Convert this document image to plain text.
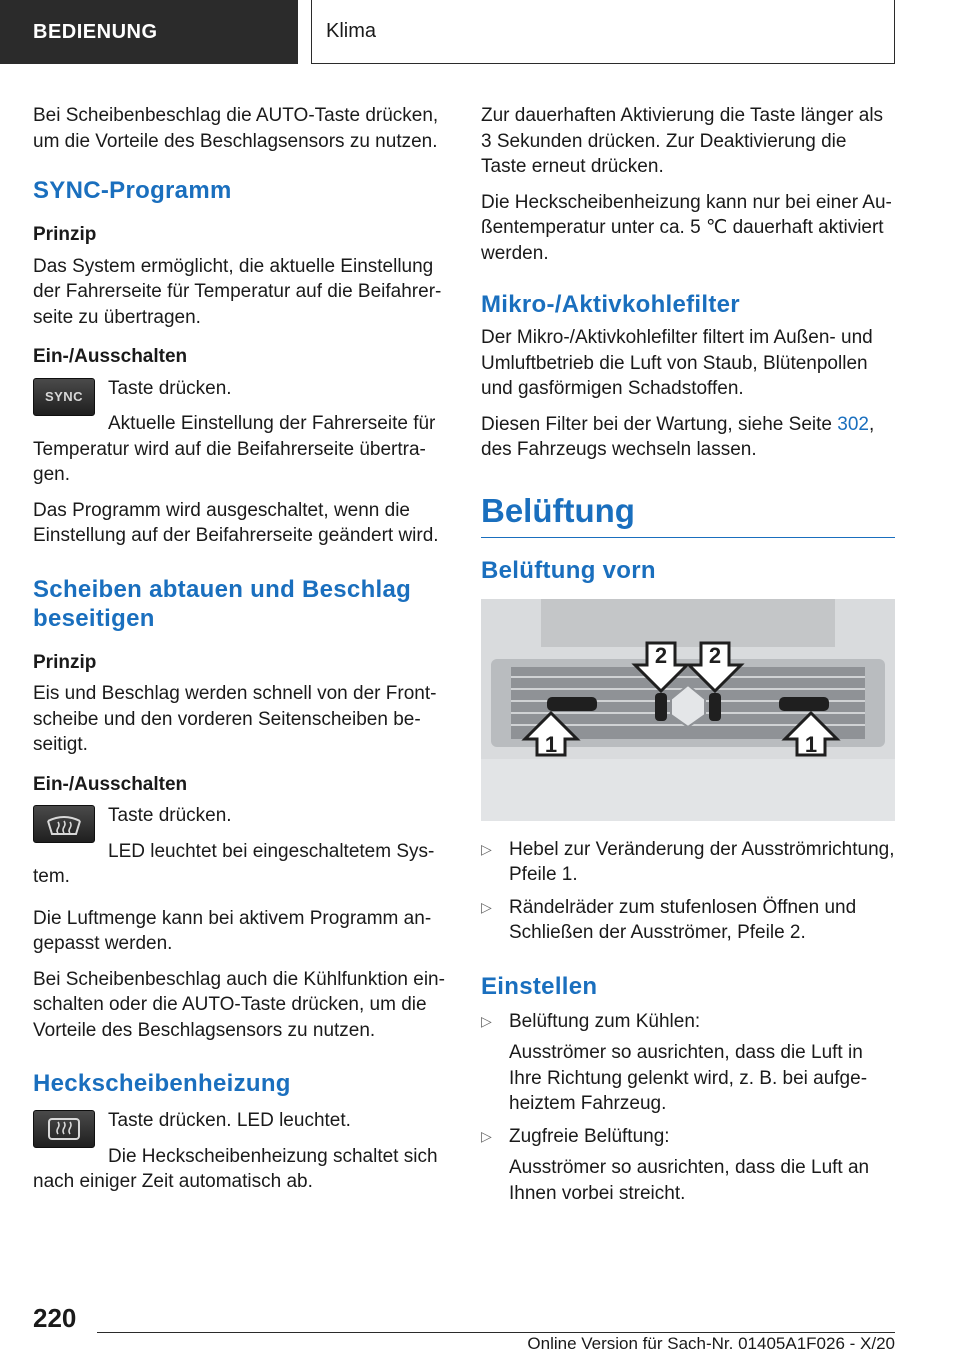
BEDIENUNG	Klima

Bei Scheibenbeschlag die AUTO-Taste drücken, um die Vorteile des Beschlagsensors zu nutzen.

SYNC-Programm
Prinzip

Das System ermöglicht, die aktuelle Einstellung der Fahrerseite für Temperatur auf die Beifahrerseite zu übertragen.

Ein-/Ausschalten
SYNC	Taste drücken.

Aktuelle Einstellung der Fahrerseite für Temperatur wird auf die Beifahrerseite übertragen.

Das Programm wird ausgeschaltet, wenn die Einstellung auf der Beifahrerseite geändert wird.

Scheiben abtauen und Beschlag beseitigen
Prinzip

Eis und Beschlag werden schnell von der Frontscheibe und den vorderen Seitenscheiben beseitigt.

Ein-/Ausschalten

Taste drücken.

LED leuchtet bei eingeschaltetem System.

Die Luftmenge kann bei aktivem Programm angepasst werden.

Bei Scheibenbeschlag auch die Kühlfunktion einschalten oder die AUTO-Taste drücken, um die Vorteile des Beschlagsensors zu nutzen.

Heckscheibenheizung

Taste drücken. LED leuchtet.

Die Heckscheibenheizung schaltet sich nach einiger Zeit automatisch ab.

Zur dauerhaften Aktivierung die Taste länger als 3 Sekunden drücken. Zur Deaktivierung die Taste erneut drücken.

Die Heckscheibenheizung kann nur bei einer Außentemperatur unter ca. 5 ℃ dauerhaft aktiviert werden.

Mikro-/Aktivkohlefilter

Der Mikro-/Aktivkohlefilter filtert im Außen- und Umluftbetrieb die Luft von Staub, Blütenpollen und gasförmigen Schadstoffen.

Diesen Filter bei der Wartung, siehe Seite 302, des Fahrzeugs wechseln lassen.

Belüftung
Belüftung vorn
1	1
2 2
▷ Hebel zur Veränderung der Ausströmrichtung, Pfeile 1.
▷ Rändelräder zum stufenlosen Öffnen und Schließen der Ausströmer, Pfeile 2.
Einstellen
▷ Belüftung zum Kühlen:

Ausströmer so ausrichten, dass die Luft in Ihre Richtung gelenkt wird, z. B. bei aufgeheiztem Fahrzeug.

▷ Zugfreie Belüftung:

Ausströmer so ausrichten, dass die Luft an Ihnen vorbei streicht.

220
Online Version für Sach-Nr. 01405A1F026 - X/20
